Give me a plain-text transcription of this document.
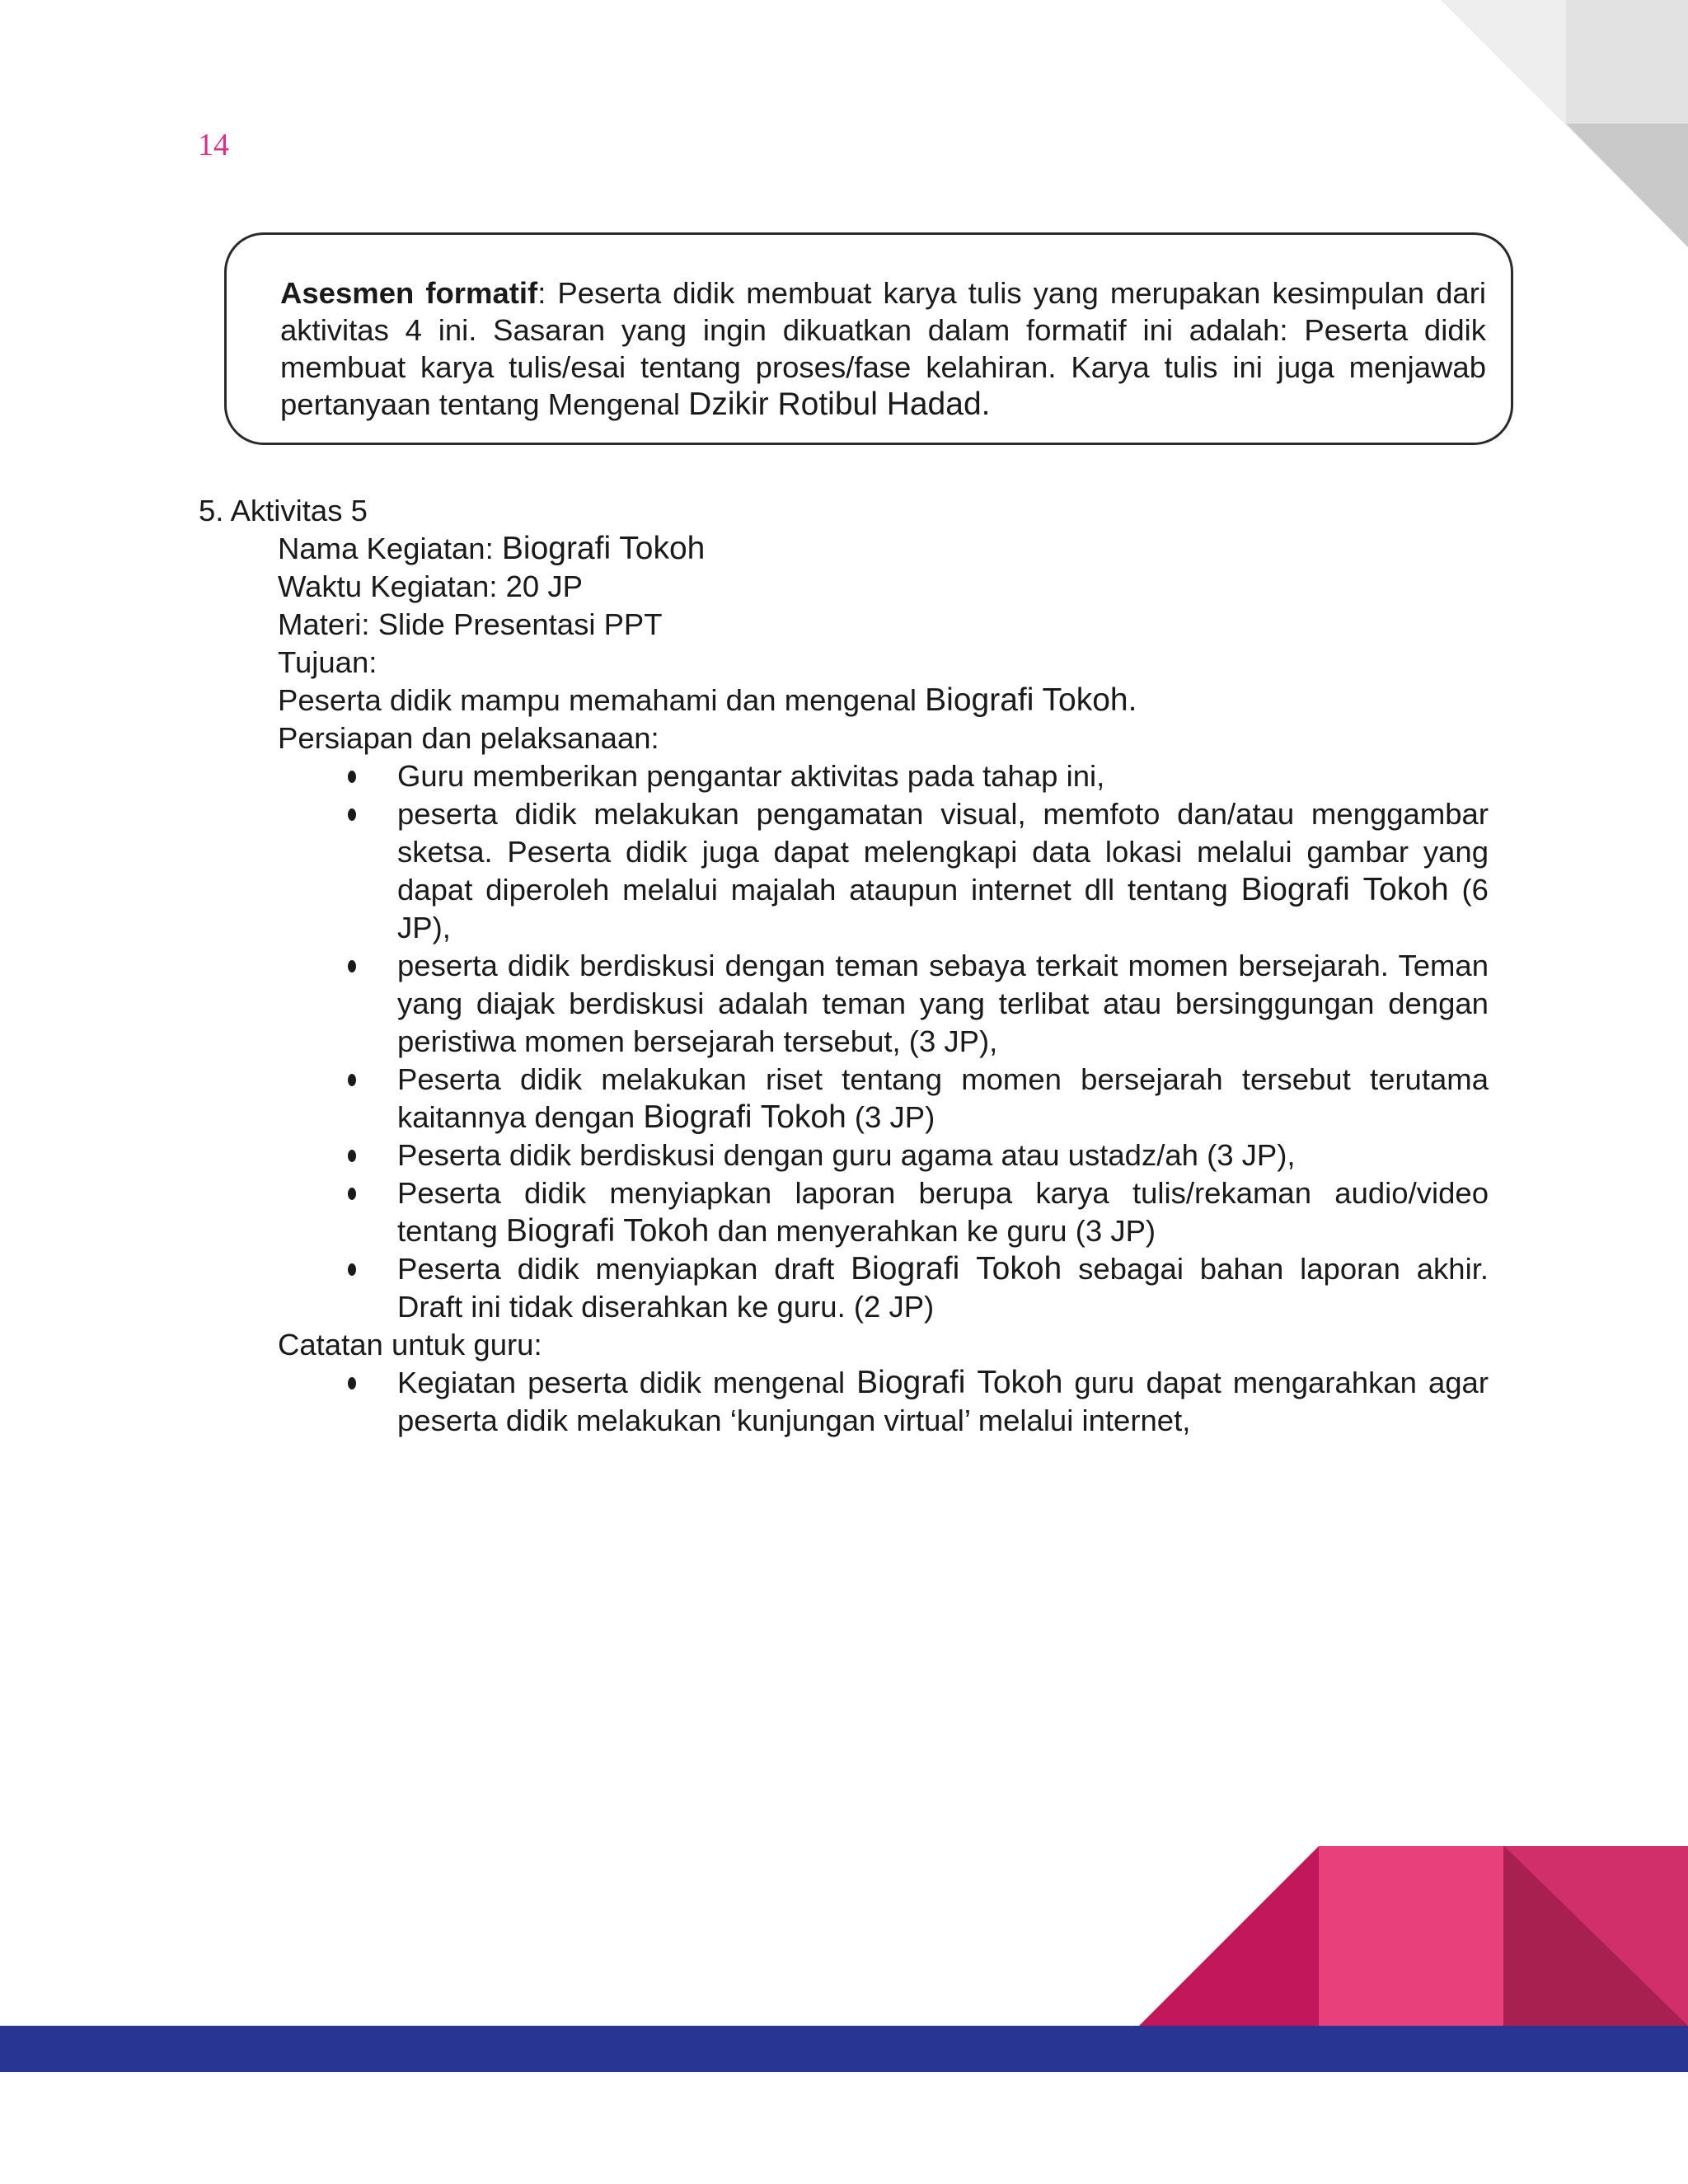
14
Asesmen formatif: Peserta didik membuat karya tulis yang merupakan kesimpulan dari aktivitas 4 ini. Sasaran yang ingin dikuatkan dalam formatif ini adalah: Peserta didik membuat karya tulis/esai tentang proses/fase kelahiran. Karya tulis ini juga menjawab pertanyaan tentang Mengenal Dzikir Rotibul Hadad.
5. Aktivitas 5
Nama Kegiatan: Biografi Tokoh
Waktu Kegiatan: 20 JP
Materi: Slide Presentasi PPT
Tujuan:
Peserta didik mampu memahami dan mengenal Biografi Tokoh.
Persiapan dan pelaksanaan:
Guru memberikan pengantar aktivitas pada tahap ini,
peserta didik melakukan pengamatan visual, memfoto dan/atau menggambar sketsa. Peserta didik juga dapat melengkapi data lokasi melalui gambar yang dapat diperoleh melalui majalah ataupun internet dll tentang Biografi Tokoh (6 JP),
peserta didik berdiskusi dengan teman sebaya terkait momen bersejarah. Teman yang diajak berdiskusi adalah teman yang terlibat atau bersinggungan dengan peristiwa momen bersejarah tersebut, (3 JP),
Peserta didik melakukan riset tentang momen bersejarah tersebut terutama kaitannya dengan Biografi Tokoh (3 JP)
Peserta didik berdiskusi dengan guru agama atau ustadz/ah (3 JP),
Peserta didik menyiapkan laporan berupa karya tulis/rekaman audio/video tentang Biografi Tokoh dan menyerahkan ke guru (3 JP)
Peserta didik menyiapkan draft Biografi Tokoh sebagai bahan laporan akhir. Draft ini tidak diserahkan ke guru. (2 JP)
Catatan untuk guru:
Kegiatan peserta didik mengenal Biografi Tokoh guru dapat mengarahkan agar peserta didik melakukan ‘kunjungan virtual’ melalui internet,
